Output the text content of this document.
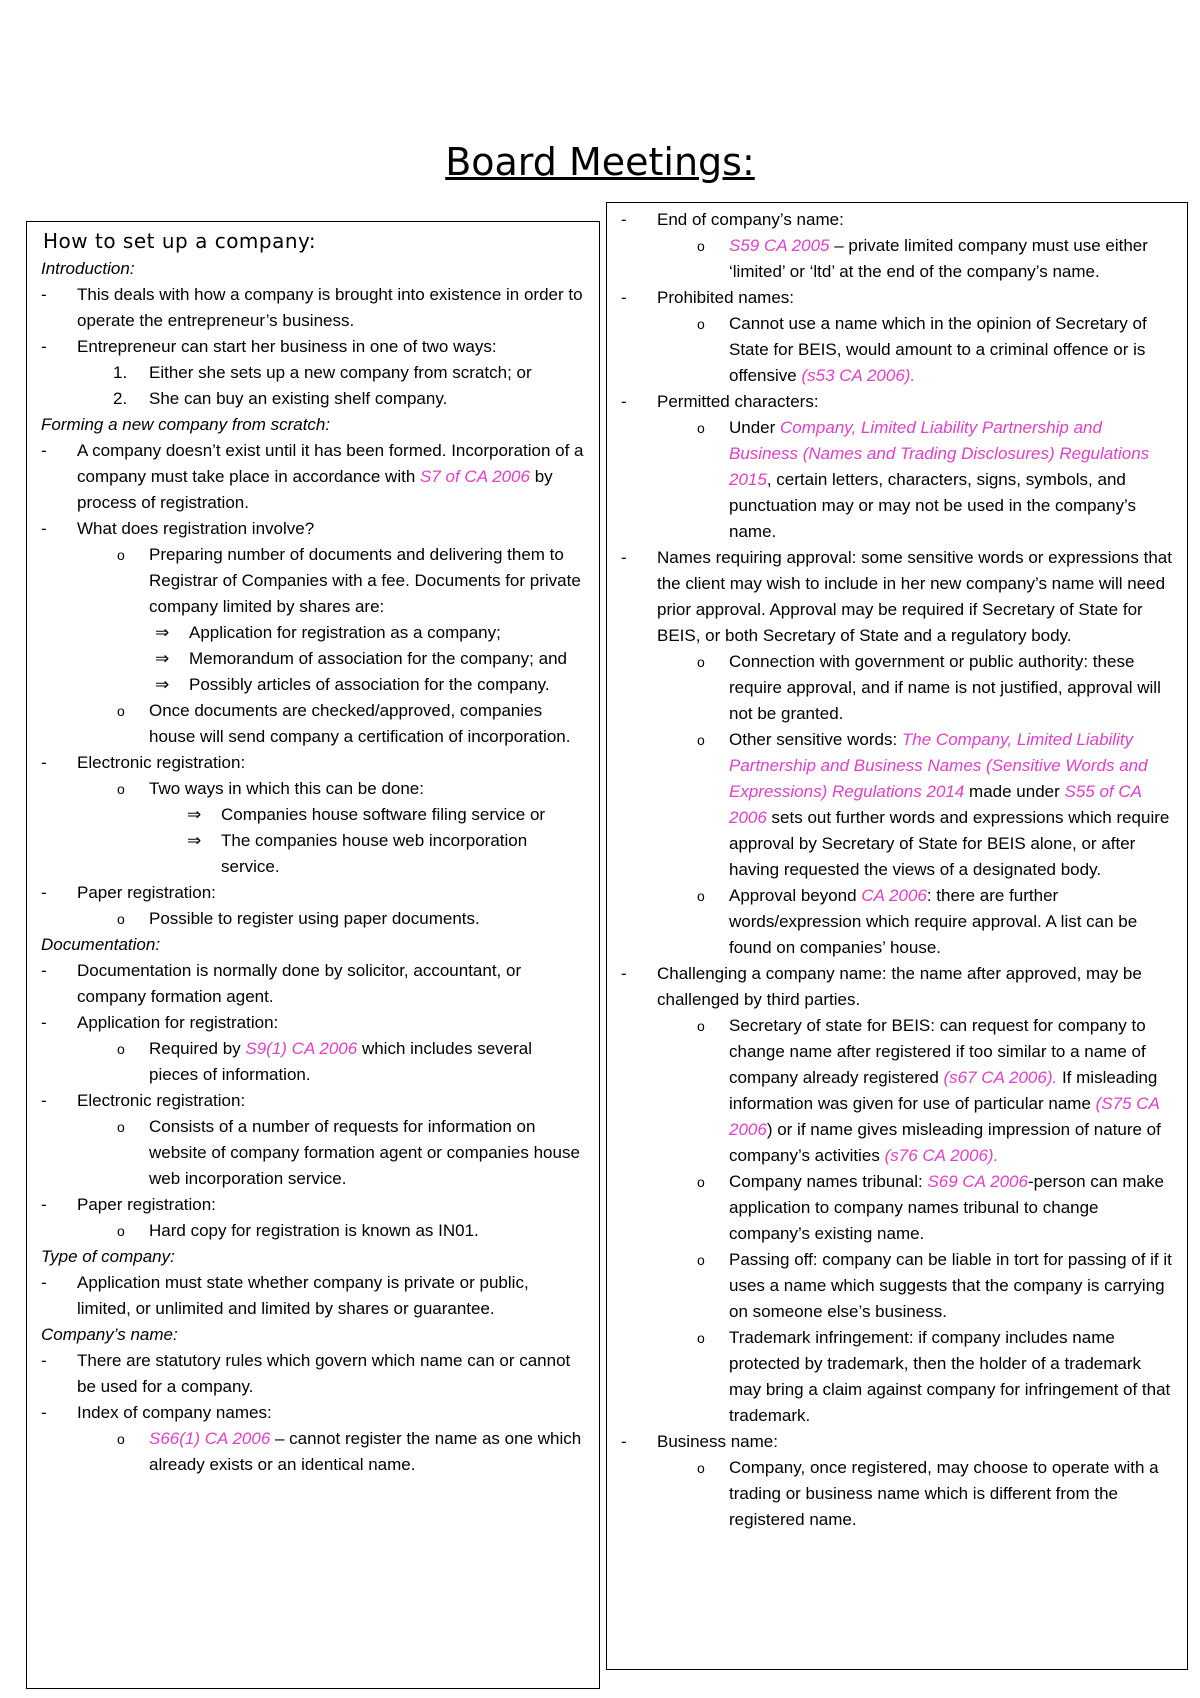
Board Meetings:
How to set up a company:
Introduction:
- This deals with how a company is brought into existence in order to operate the entrepreneur’s business.
- Entrepreneur can start her business in one of two ways:
1. Either she sets up a new company from scratch; or
2. She can buy an existing shelf company.
Forming a new company from scratch:
- A company doesn’t exist until it has been formed. Incorporation of a company must take place in accordance with S7 of CA 2006 by process of registration.
- What does registration involve?
o Preparing number of documents and delivering them to Registrar of Companies with a fee. Documents for private company limited by shares are:
⇒ Application for registration as a company;
⇒ Memorandum of association for the company; and
⇒ Possibly articles of association for the company.
o Once documents are checked/approved, companies house will send company a certification of incorporation.
- Electronic registration:
o Two ways in which this can be done:
⇒ Companies house software filing service or
⇒ The companies house web incorporation service.
- Paper registration:
o Possible to register using paper documents.
Documentation:
- Documentation is normally done by solicitor, accountant, or company formation agent.
- Application for registration:
o Required by S9(1) CA 2006 which includes several pieces of information.
- Electronic registration:
o Consists of a number of requests for information on website of company formation agent or companies house web incorporation service.
- Paper registration:
o Hard copy for registration is known as IN01.
Type of company:
- Application must state whether company is private or public, limited, or unlimited and limited by shares or guarantee.
Company’s name:
- There are statutory rules which govern which name can or cannot be used for a company.
- Index of company names:
o S66(1) CA 2006 – cannot register the name as one which already exists or an identical name.
- End of company’s name:
o S59 CA 2005 – private limited company must use either ‘limited’ or ‘ltd’ at the end of the company’s name.
- Prohibited names:
o Cannot use a name which in the opinion of Secretary of State for BEIS, would amount to a criminal offence or is offensive (s53 CA 2006).
- Permitted characters:
o Under Company, Limited Liability Partnership and Business (Names and Trading Disclosures) Regulations 2015, certain letters, characters, signs, symbols, and punctuation may or may not be used in the company’s name.
- Names requiring approval: some sensitive words or expressions that the client may wish to include in her new company’s name will need prior approval. Approval may be required if Secretary of State for BEIS, or both Secretary of State and a regulatory body.
o Connection with government or public authority: these require approval, and if name is not justified, approval will not be granted.
o Other sensitive words: The Company, Limited Liability Partnership and Business Names (Sensitive Words and Expressions) Regulations 2014 made under S55 of CA 2006 sets out further words and expressions which require approval by Secretary of State for BEIS alone, or after having requested the views of a designated body.
o Approval beyond CA 2006: there are further words/expression which require approval. A list can be found on companies’ house.
- Challenging a company name: the name after approved, may be challenged by third parties.
o Secretary of state for BEIS: can request for company to change name after registered if too similar to a name of company already registered (s67 CA 2006). If misleading information was given for use of particular name (S75 CA 2006) or if name gives misleading impression of nature of company’s activities (s76 CA 2006).
o Company names tribunal: S69 CA 2006-person can make application to company names tribunal to change company’s existing name.
o Passing off: company can be liable in tort for passing of if it uses a name which suggests that the company is carrying on someone else’s business.
o Trademark infringement: if company includes name protected by trademark, then the holder of a trademark may bring a claim against company for infringement of that trademark.
- Business name:
o Company, once registered, may choose to operate with a trading or business name which is different from the registered name.
